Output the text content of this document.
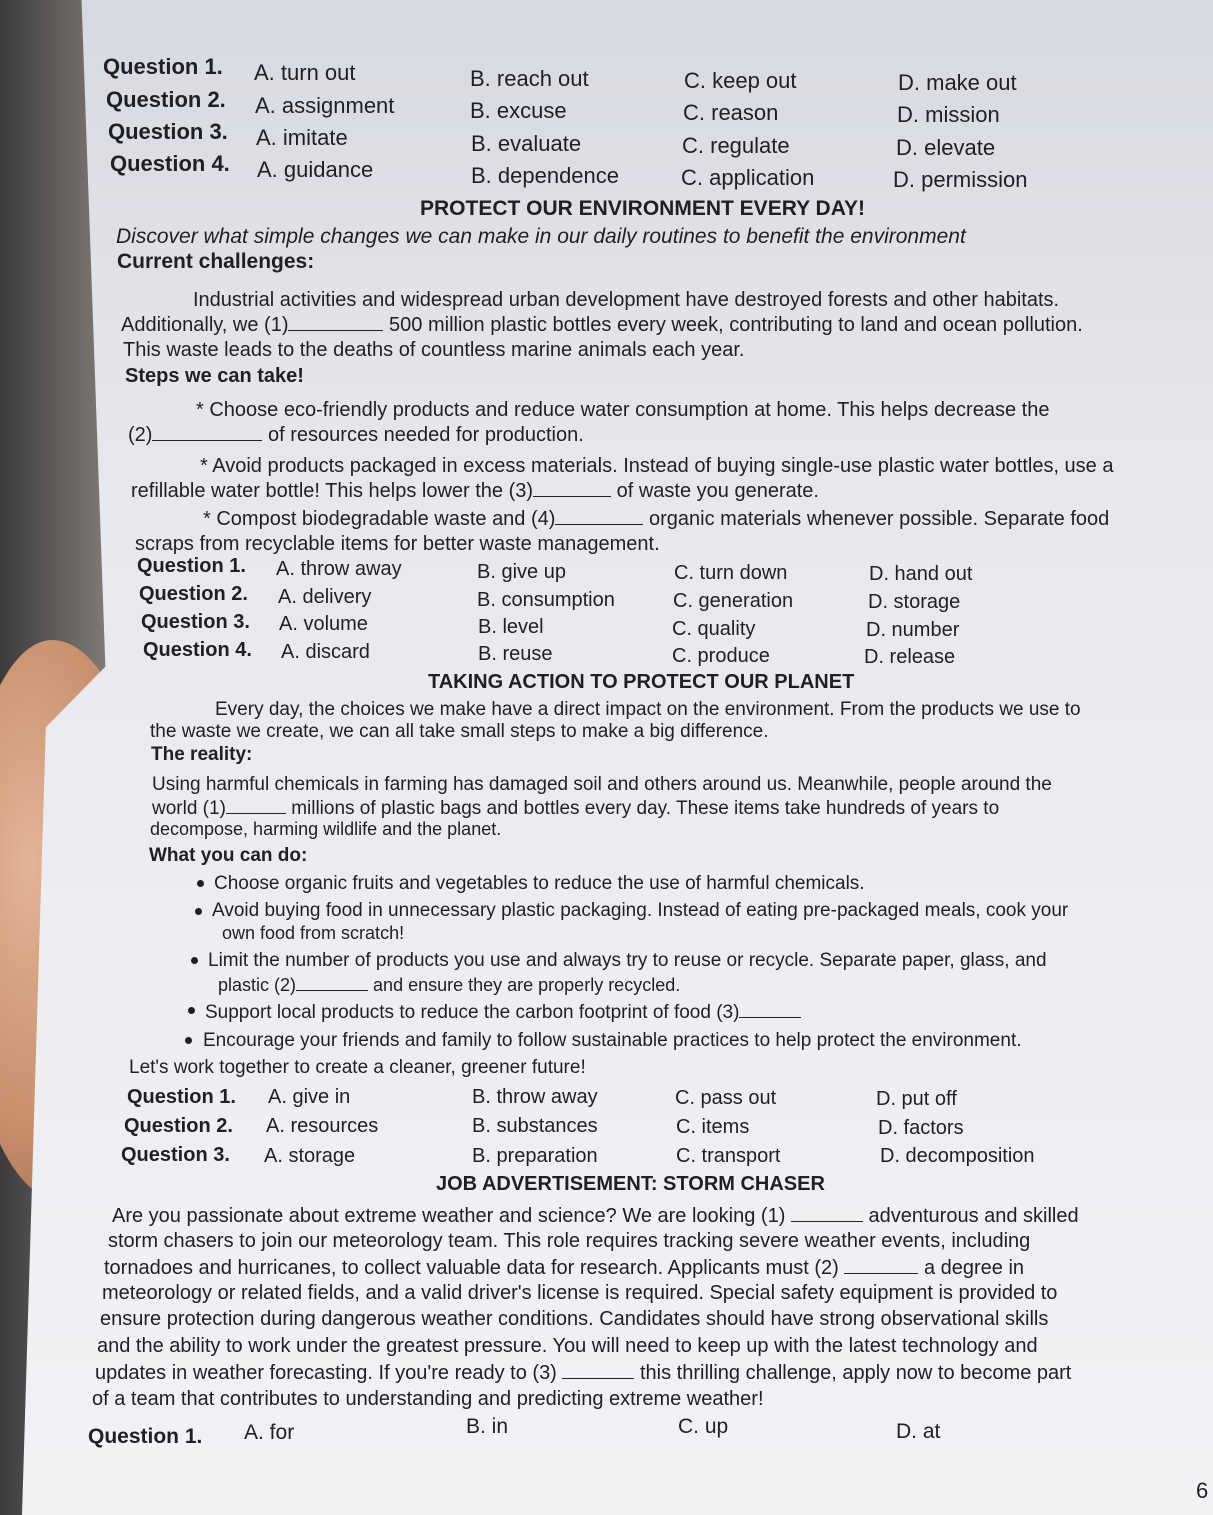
Question 1. A. turn out	B. reach out	C. keep out	D. make out
Question 2. A. assignment	B. excuse	C. reason	D. mission
Question 3. A. imitate	B. evaluate	C. regulate	D. elevate
Question 4. A. guidance	B. dependence	C. application	D. permission
PROTECT OUR ENVIRONMENT EVERY DAY!
Discover what simple changes we can make in our daily routines to benefit the environment
Current challenges:
Industrial activities and widespread urban development have destroyed forests and other habitats.
Additionally, we (1)	500 million plastic bottles every week, contributing to land and ocean pollution.
This waste leads to the deaths of countless marine animals each year.
Steps we can take!
* Choose eco-friendly products and reduce water consumption at home. This helps decrease the
(2)	of resources needed for production.
* Avoid products packaged in excess materials. Instead of buying single-use plastic water bottles, use a
refillable water bottle! This helps lower the (3)	of waste you generate.
* Compost biodegradable waste and (4)	organic materials whenever possible. Separate food
scraps from recyclable items for better waste management.
Question 1. A. throw away	B. give up	C. turn down	D. hand out
Question 2. A. delivery	B. consumption	C. generation	D. storage
Question 3. A. volume	B. level	C. quality	D. number
Question 4. A. discard	B. reuse	C. produce	D. release
TAKING ACTION TO PROTECT OUR PLANET
Every day, the choices we make have a direct impact on the environment. From the products we use to
the waste we create, we can all take small steps to make a big difference.
The reality:
Using harmful chemicals in farming has damaged soil and others around us. Meanwhile, people around the
world (1)	millions of plastic bags and bottles every day. These items take hundreds of years to
decompose, harming wildlife and the planet.
What you can do:
Choose organic fruits and vegetables to reduce the use of harmful chemicals.
Avoid buying food in unnecessary plastic packaging. Instead of eating pre-packaged meals, cook your
own food from scratch!
Limit the number of products you use and always try to reuse or recycle. Separate paper, glass, and
plastic (2)	and ensure they are properly recycled.
Support local products to reduce the carbon footprint of food (3)
Encourage your friends and family to follow sustainable practices to help protect the environment.
Let's work together to create a cleaner, greener future!
Question 1. A. give in	B. throw away	C. pass out	D. put off
Question 2. A. resources	B. substances	C. items	D. factors
Question 3. A. storage	B. preparation	C. transport	D. decomposition
JOB ADVERTISEMENT: STORM CHASER
Are you passionate about extreme weather and science? We are looking (1)	adventurous and skilled
storm chasers to join our meteorology team. This role requires tracking severe weather events, including
tornadoes and hurricanes, to collect valuable data for research. Applicants must (2)	a degree in
meteorology or related fields, and a valid driver's license is required. Special safety equipment is provided to
ensure protection during dangerous weather conditions. Candidates should have strong observational skills
and the ability to work under the greatest pressure. You will need to keep up with the latest technology and
updates in weather forecasting. If you're ready to (3)	this thrilling challenge, apply now to become part
of a team that contributes to understanding and predicting extreme weather!
Question 1. A. for	B. in	C. up	D. at
6
